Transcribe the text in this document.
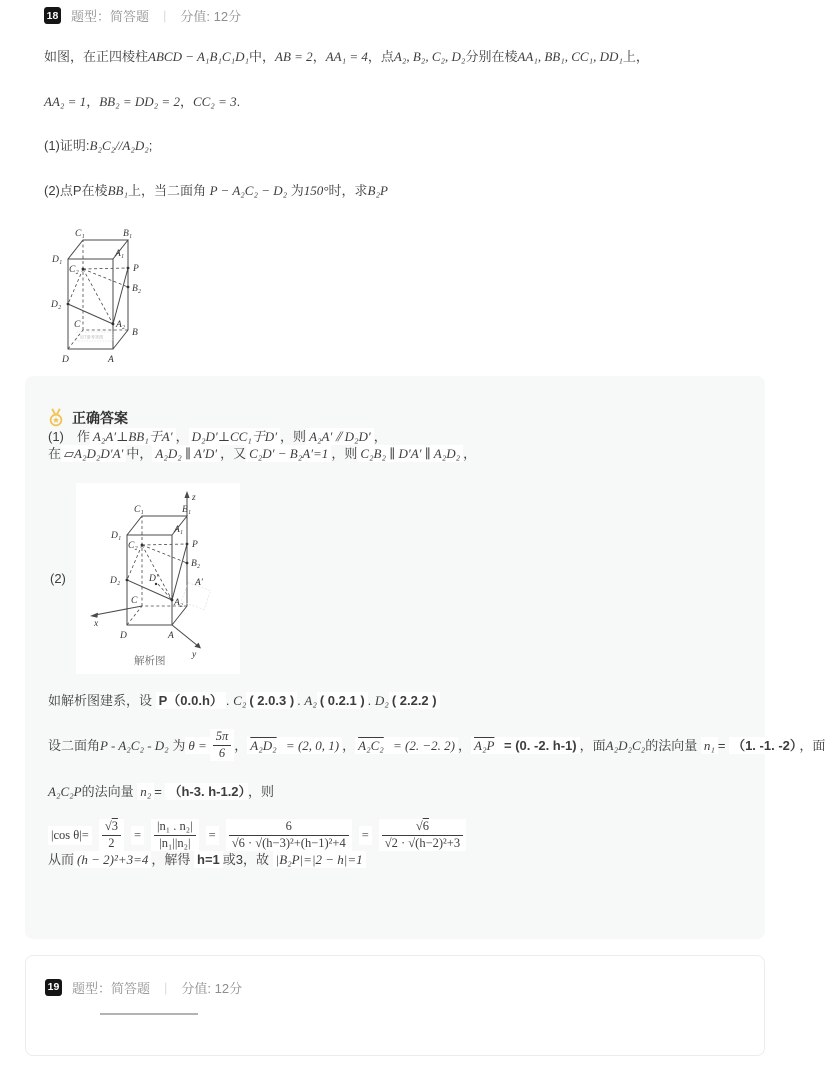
18 题型：简答题 | 分值: 12分

如图，在正四棱柱ABCD − A₁B₁C₁D₁中，AB = 2，AA₁ = 4，点A₂, B₂, C₂, D₂分别在棱AA₁, BB₁, CC₁, DD₁上，

AA₂ = 1，BB₂ = DD₂ = 2，CC₂ = 3.

(1)证明:B₂C₂//A₂D₂;

(2)点P在棱BB₁上，当二面角 P − A₂C₂ − D₂ 为150°时，求B₂P

C₁	B₁
D₁
A₁
C₂	P
B₂
D₂
A₂
C
B
D	A
近7参考答图
正确答案

(1)　作 A₂A′⊥BB₁于A′ ， D₂D′⊥CC₁于D′ ，则 A₂A′ ⫽ D₂D′ ，

在 ▱A₂D₂D′A′ 中， A₂D₂ ∥ A′D′ ，又 C₂D′ − B₂A′=1 ，则 C₂B₂ ∥ D′A′ ∥ A₂D₂ ，

(2)
C₁	B₁
D₁
A₁
C₂	P
B₂
D₂	D′	A′
A₂
C
D	A
x
y
z
解析图

如解析图建系，设 P（0.0.h） . C₂ ( 2.0.3 ) . A₂ ( 0.2.1 ) . D₂ ( 2.2.2 )

设二面角P - A₂C₂ - D₂ 为 $\theta = \frac{5\pi}{6}$ ， A₂D₂ = (2, 0, 1) ， A₂C₂ = (2. −2. 2) ， A₂P = (0. -2. h-1) ，面A₂D₂C₂的法向量 n₁ = （1. -1. -2） ，面

A₂C₂P的法向量 n₂ = （h-3. h-1.2） ，则

|cos $\theta|= \frac{√3}{2} = \frac{\text{|n₁ . n₂|}}{\text{|n₁||n₂|}} = \frac{6}{\text{√6 · √(h−3)²+(h−1)²+4}} = \frac{√6}{\text{√2 · √(h−2)²+3}}$

从而 (h − 2)²+3=4 ，解得 h=1 或3，故 |B₂P|=|2 − h|=1

19 题型：简答题 | 分值: 12分
